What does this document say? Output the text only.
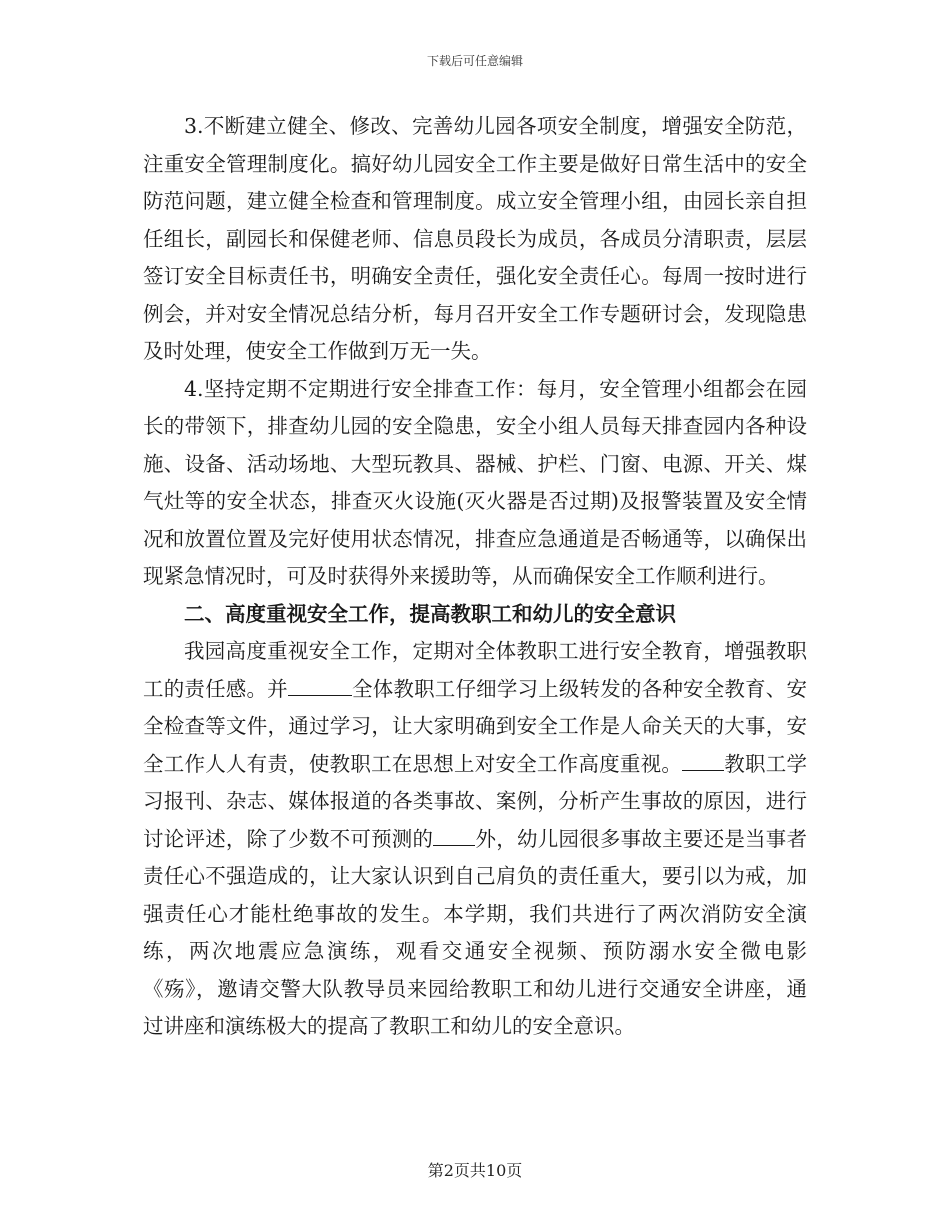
下载后可任意编辑

3.不断建立健全、修改、完善幼儿园各项安全制度，增强安全防范，注重安全管理制度化。搞好幼儿园安全工作主要是做好日常生活中的安全防范问题，建立健全检查和管理制度。成立安全管理小组，由园长亲自担任组长，副园长和保健老师、信息员段长为成员，各成员分清职责，层层签订安全目标责任书，明确安全责任，强化安全责任心。每周一按时进行例会，并对安全情况总结分析，每月召开安全工作专题研讨会，发现隐患及时处理，使安全工作做到万无一失。

4.坚持定期不定期进行安全排查工作：每月，安全管理小组都会在园长的带领下，排查幼儿园的安全隐患，安全小组人员每天排查园内各种设施、设备、活动场地、大型玩教具、器械、护栏、门窗、电源、开关、煤气灶等的安全状态，排查灭火设施(灭火器是否过期)及报警装置及安全情况和放置位置及完好使用状态情况，排查应急通道是否畅通等，以确保出现紧急情况时，可及时获得外来援助等，从而确保安全工作顺利进行。

二、高度重视安全工作，提高教职工和幼儿的安全意识

我园高度重视安全工作，定期对全体教职工进行安全教育，增强教职工的责任感。并	全体教职工仔细学习上级转发的各种安全教育、安全检查等文件，通过学习，让大家明确到安全工作是人命关天的大事，安全工作人人有责，使教职工在思想上对安全工作高度重视。 教职工学习报刊、杂志、媒体报道的各类事故、案例，分析产生事故的原因，进行讨论评述，除了少数不可预测的 外，幼儿园很多事故主要还是当事者责任心不强造成的，让大家认识到自己肩负的责任重大，要引以为戒，加强责任心才能杜绝事故的发生。本学期，我们共进行了两次消防安全演练，两次地震应急演练，观看交通安全视频、预防溺水安全微电影《殇》，邀请交警大队教导员来园给教职工和幼儿进行交通安全讲座，通过讲座和演练极大的提高了教职工和幼儿的安全意识。

第2页共10页
